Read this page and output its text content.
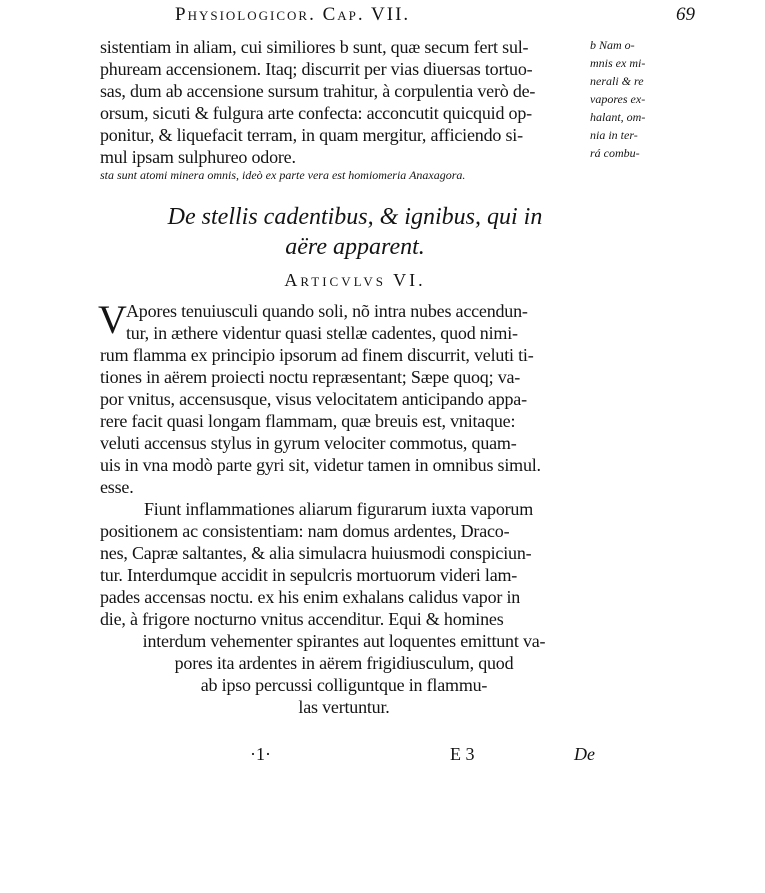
Physiologicor. Cap. VII.	69
sistentiam in aliam, cui similiores b sunt, quæ secum fert sul-
phuream accensionem. Itaq; discurrit per vias diuersas tortuo-
sas, dum ab accensione sursum trahitur, à corpulentia verò de-
orsum, sicuti & fulgura arte confecta: acconcutit quicquid op-
ponitur, & liquefacit terram, in quam mergitur, afficiendo si-
mul ipsam sulphureo odore.
sta sunt atomi minera omnis, ideò ex parte vera est homiomeria Anaxagora.
b Nam o-
mnis ex mi-
nerali & re
vapores ex-
halant, om-
nia in ter-
rá combu-
De stellis cadentibus, & ignibus, qui in
aëre apparent.
Articvlvs VI.
V Apores tenuiusculi quando soli, nõ intra nubes accendun-
tur, in æthere videntur quasi stellæ cadentes, quod nimi-
rum flamma ex principio ipsorum ad finem discurrit, veluti ti-
tiones in aërem proiecti noctu repræsentant; Sæpe quoq; va-
por vnitus, accensusque, visus velocitatem anticipando appa-
rere facit quasi longam flammam, quæ breuis est, vnitaque:
veluti accensus stylus in gyrum velociter commotus, quam-
uis in vna modò parte gyri sit, videtur tamen in omnibus simul.
esse.
Fiunt inflammationes aliarum figurarum iuxta vaporum
positionem ac consistentiam: nam domus ardentes, Draco-
nes, Capræ saltantes, & alia simulacra huiusmodi conspiciun-
tur. Interdumque accidit in sepulcris mortuorum videri lam-
pades accensas noctu. ex his enim exhalans calidus vapor in
die, à frigore nocturno vnitus accenditur. Equi & homines
interdum vehementer spirantes aut loquentes emittunt va-
pores ita ardentes in aërem frigidiusculum, quod
ab ipso percussi colliguntque in flammu-
las vertuntur.
·1·	E 3	De
